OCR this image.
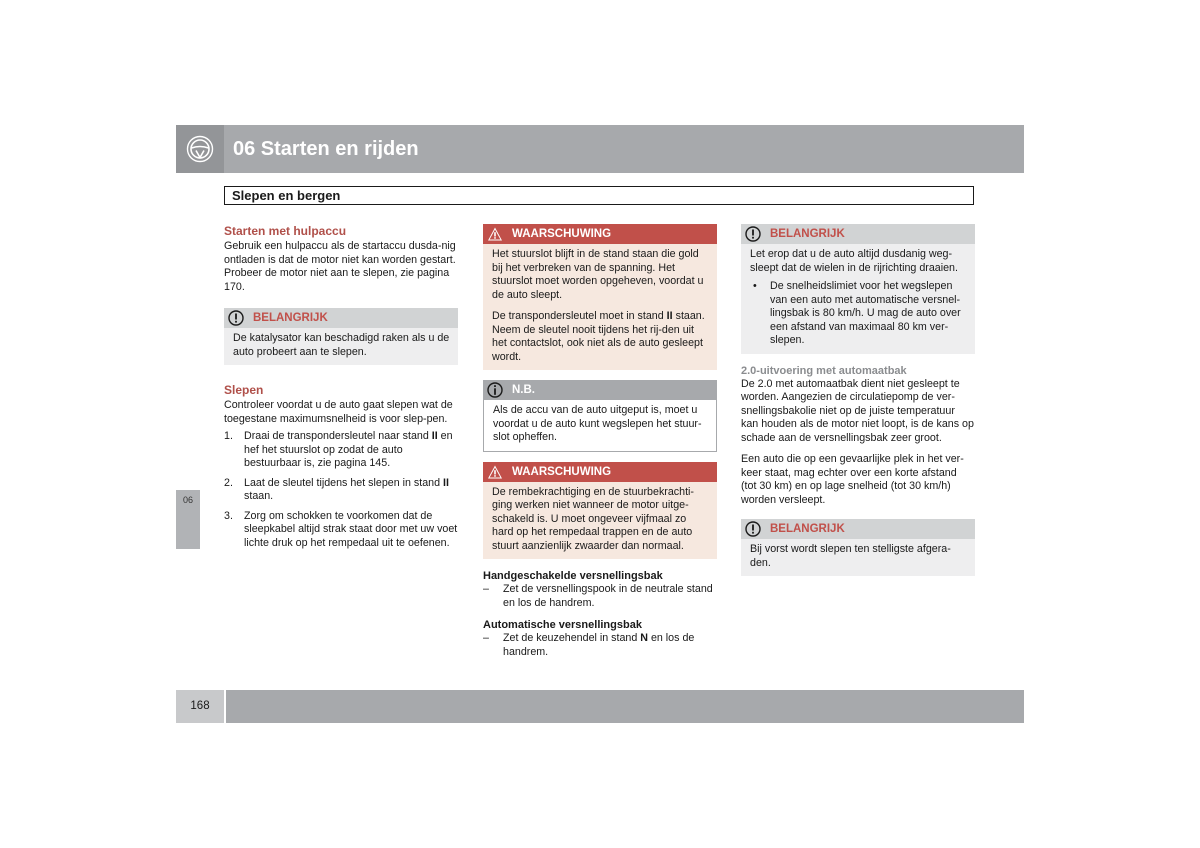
06 Starten en rijden
Slepen en bergen
06
Starten met hulpaccu

Gebruik een hulpaccu als de startaccu dusda-nig ontladen is dat de motor niet kan worden gestart. Probeer de motor niet aan te slepen, zie pagina 170.

BELANGRIJK

De katalysator kan beschadigd raken als u de auto probeert aan te slepen.

Slepen

Controleer voordat u de auto gaat slepen wat de toegestane maximumsnelheid is voor slep-pen.

1. Draai de transpondersleutel naar stand II en hef het stuurslot op zodat de auto bestuurbaar is, zie pagina 145.
2. Laat de sleutel tijdens het slepen in stand II staan.
3. Zorg om schokken te voorkomen dat de sleepkabel altijd strak staat door met uw voet lichte druk op het rempedaal uit te oefenen.
WAARSCHUWING

Het stuurslot blijft in de stand staan die gold bij het verbreken van de spanning. Het stuurslot moet worden opgeheven, voordat u de auto sleept.

De transpondersleutel moet in stand II staan. Neem de sleutel nooit tijdens het rij-den uit het contactslot, ook niet als de auto gesleept wordt.

N.B.

Als de accu van de auto uitgeput is, moet u voordat u de auto kunt wegslepen het stuur-slot opheffen.

WAARSCHUWING

De rembekrachtiging en de stuurbekrachti-ging werken niet wanneer de motor uitge-schakeld is. U moet ongeveer vijfmaal zo hard op het rempedaal trappen en de auto stuurt aanzienlijk zwaarder dan normaal.

Handgeschakelde versnellingsbak
– Zet de versnellingspook in de neutrale stand en los de handrem.
Automatische versnellingsbak
– Zet de keuzehendel in stand N en los de handrem.
BELANGRIJK

Let erop dat u de auto altijd dusdanig weg-sleept dat de wielen in de rijrichting draaien.

• De snelheidslimiet voor het wegslepen van een auto met automatische versnel-lingsbak is 80 km/h. U mag de auto over een afstand van maximaal 80 km ver-slepen.
2.0-uitvoering met automaatbak

De 2.0 met automaatbak dient niet gesleept te worden. Aangezien de circulatiepomp de ver-snellingsbakolie niet op de juiste temperatuur kan houden als de motor niet loopt, is de kans op schade aan de versnellingsbak zeer groot.

Een auto die op een gevaarlijke plek in het ver-keer staat, mag echter over een korte afstand (tot 30 km) en op lage snelheid (tot 30 km/h) worden versleept.

BELANGRIJK

Bij vorst wordt slepen ten stelligste afgera-den.

168
